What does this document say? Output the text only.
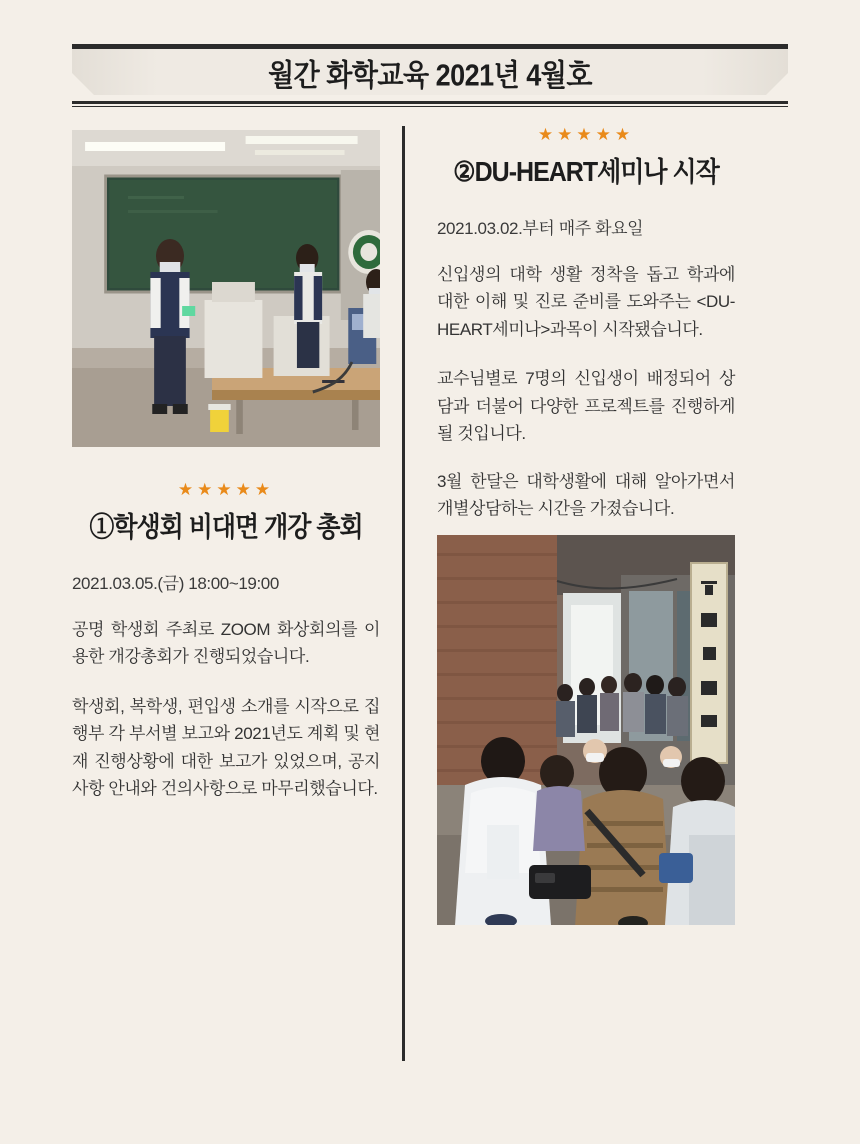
월간 화학교육 2021년 4월호

★★★★★

①학생회 비대면 개강 총회

2021.03.05.(금) 18:00~19:00

공명 학생회 주최로 ZOOM 화상회의를 이용한 개강총회가 진행되었습니다.

학생회, 복학생, 편입생 소개를 시작으로 집행부 각 부서별 보고와 2021년도 계획 및 현재 진행상황에 대한 보고가 있었으며, 공지사항 안내와 건의사항으로 마무리했습니다.

★★★★★

②DU-HEART세미나 시작

2021.03.02.부터 매주 화요일

신입생의 대학 생활 정착을 돕고 학과에 대한 이해 및 진로 준비를 도와주는 <DU-HEART세미나>과목이 시작됐습니다.

교수님별로 7명의 신입생이 배정되어 상담과 더불어 다양한 프로젝트를 진행하게 될 것입니다.

3월 한달은 대학생활에 대해 알아가면서 개별상담하는 시간을 가졌습니다.
